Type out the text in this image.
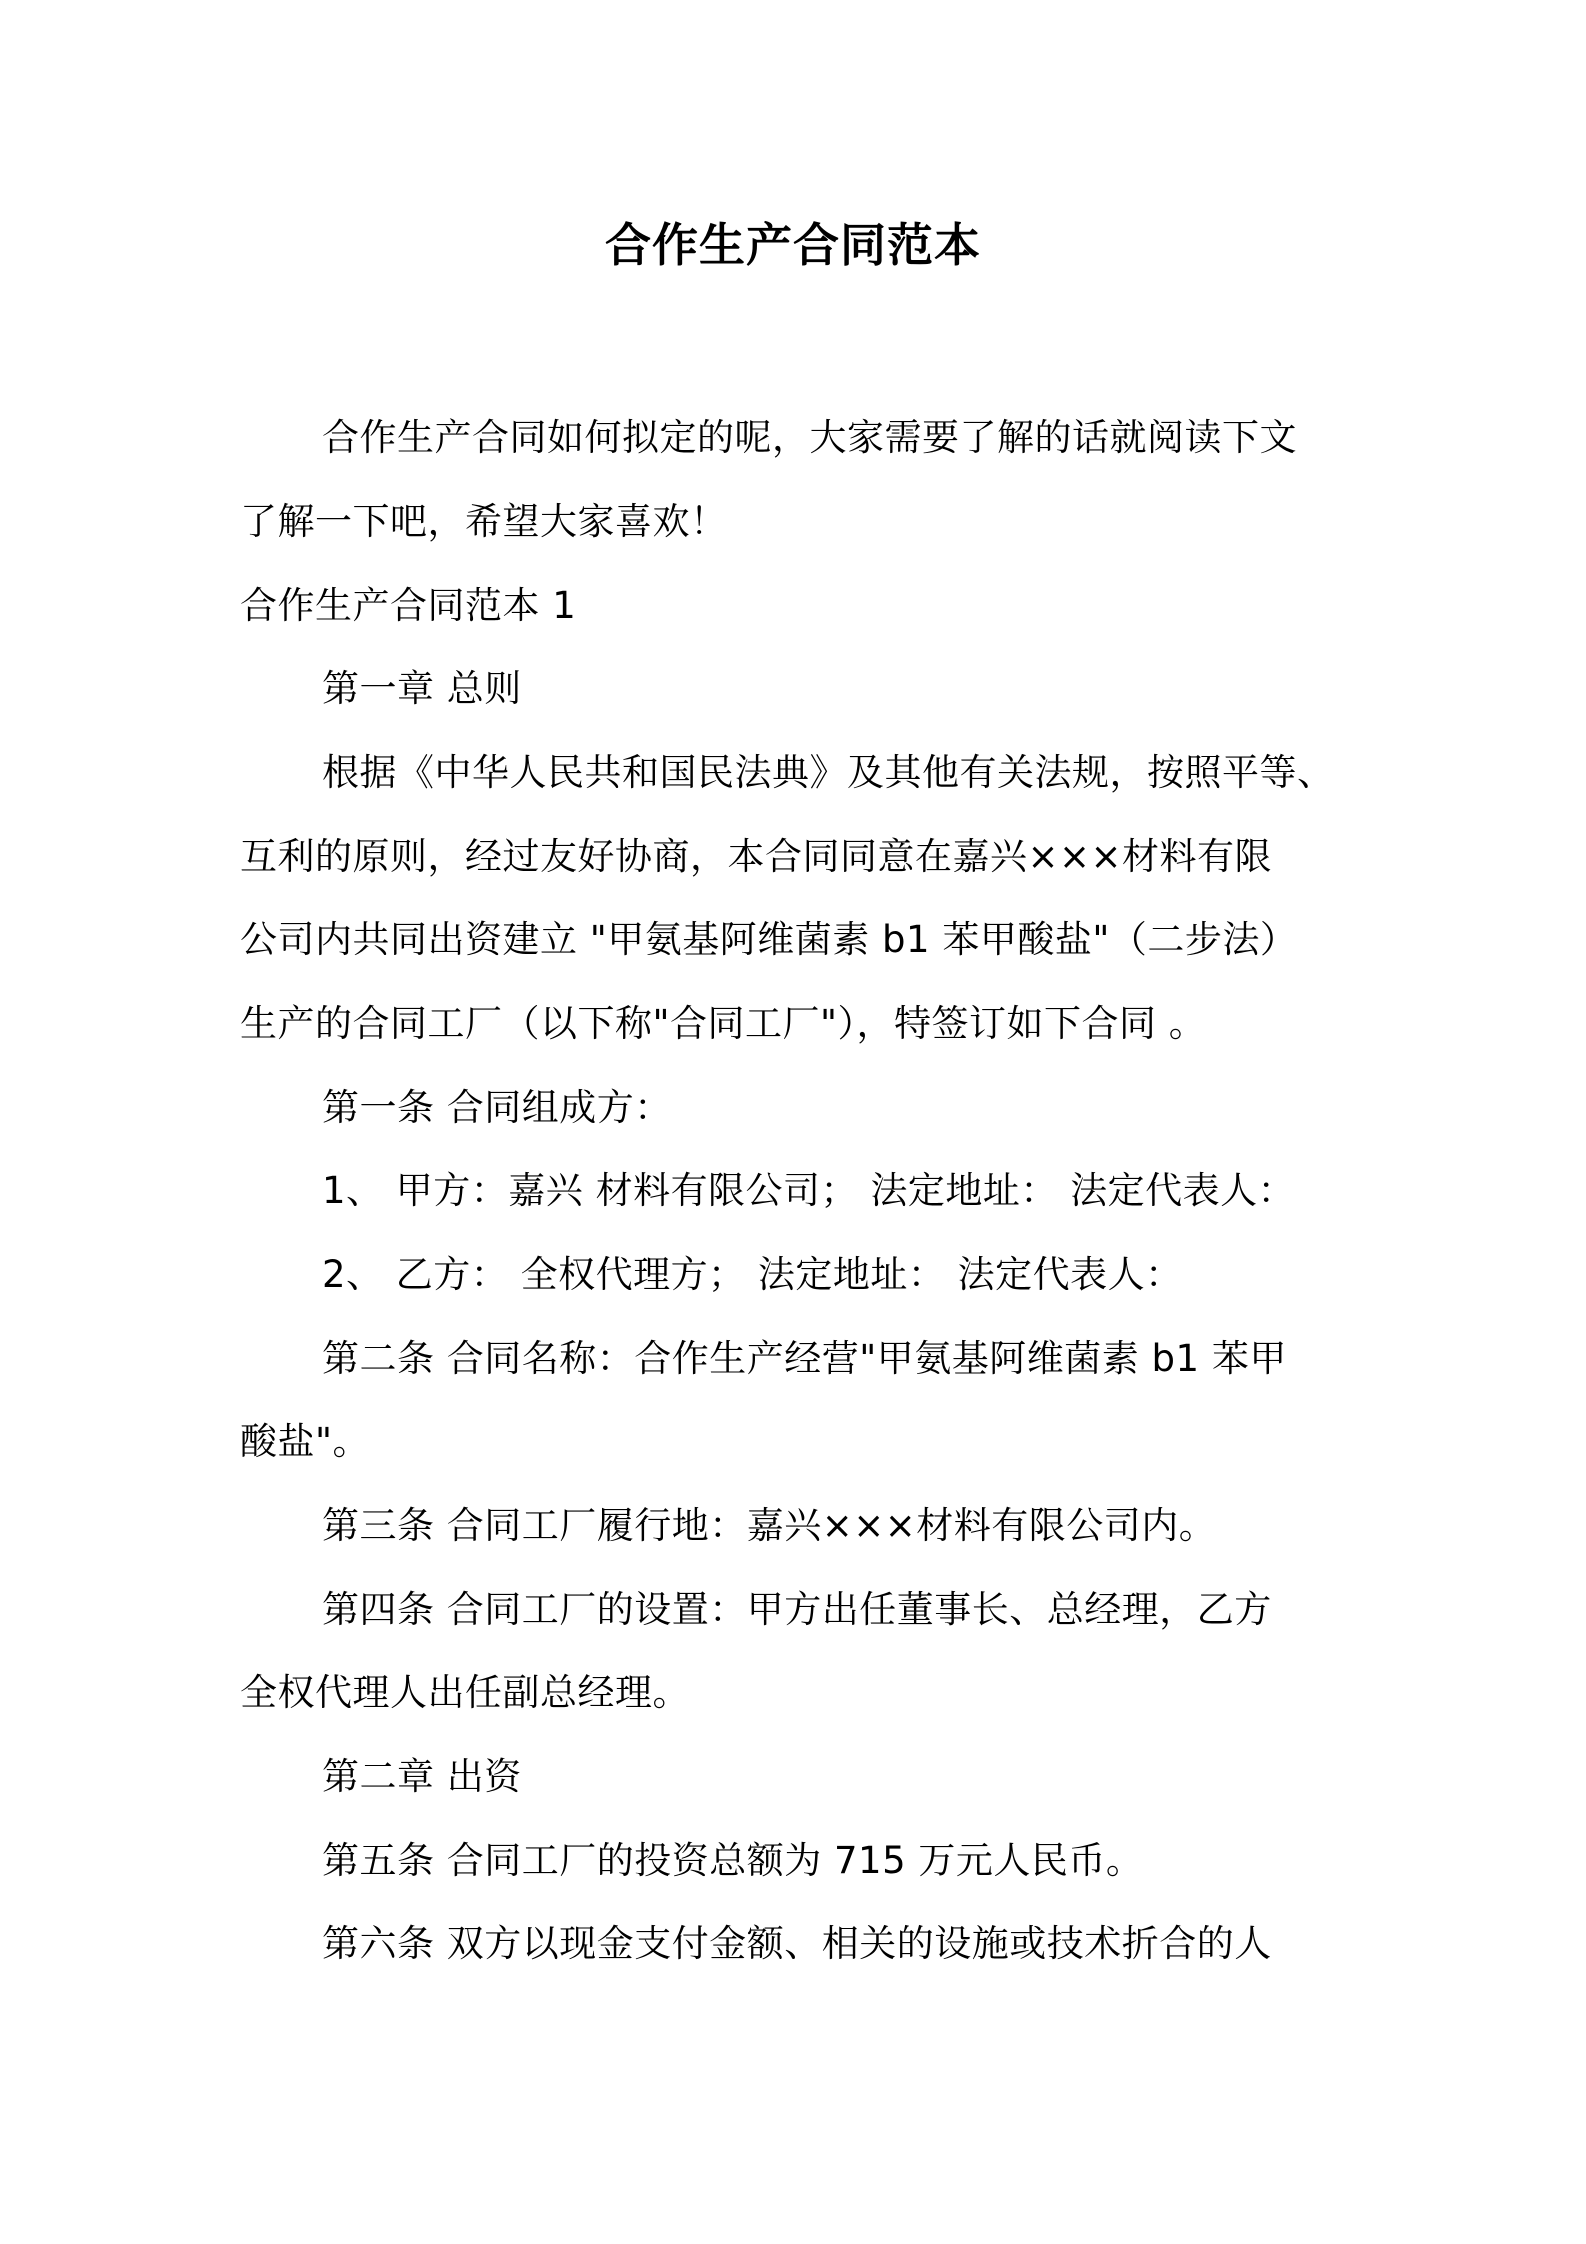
合作生产合同范本
合作生产合同如何拟定的呢，大家需要了解的话就阅读下文
了解一下吧，希望大家喜欢！
合作生产合同范本 1
第一章 总则
根据《中华人民共和国民法典》及其他有关法规，按照平等、
互利的原则，经过友好协商，本合同同意在嘉兴×××材料有限
公司内共同出资建立 "甲氨基阿维菌素 b1 苯甲酸盐"（二步法）
生产的合同工厂（以下称"合同工厂"），特签订如下合同 。
第一条 合同组成方：
1、 甲方：嘉兴 材料有限公司； 法定地址： 法定代表人：
2、 乙方： 全权代理方； 法定地址： 法定代表人：
第二条 合同名称：合作生产经营"甲氨基阿维菌素 b1 苯甲
酸盐"。
第三条 合同工厂履行地：嘉兴×××材料有限公司内。
第四条 合同工厂的设置：甲方出任董事长、总经理，乙方
全权代理人出任副总经理。
第二章 出资
第五条 合同工厂的投资总额为 715 万元人民币。
第六条 双方以现金支付金额、相关的设施或技术折合的人
